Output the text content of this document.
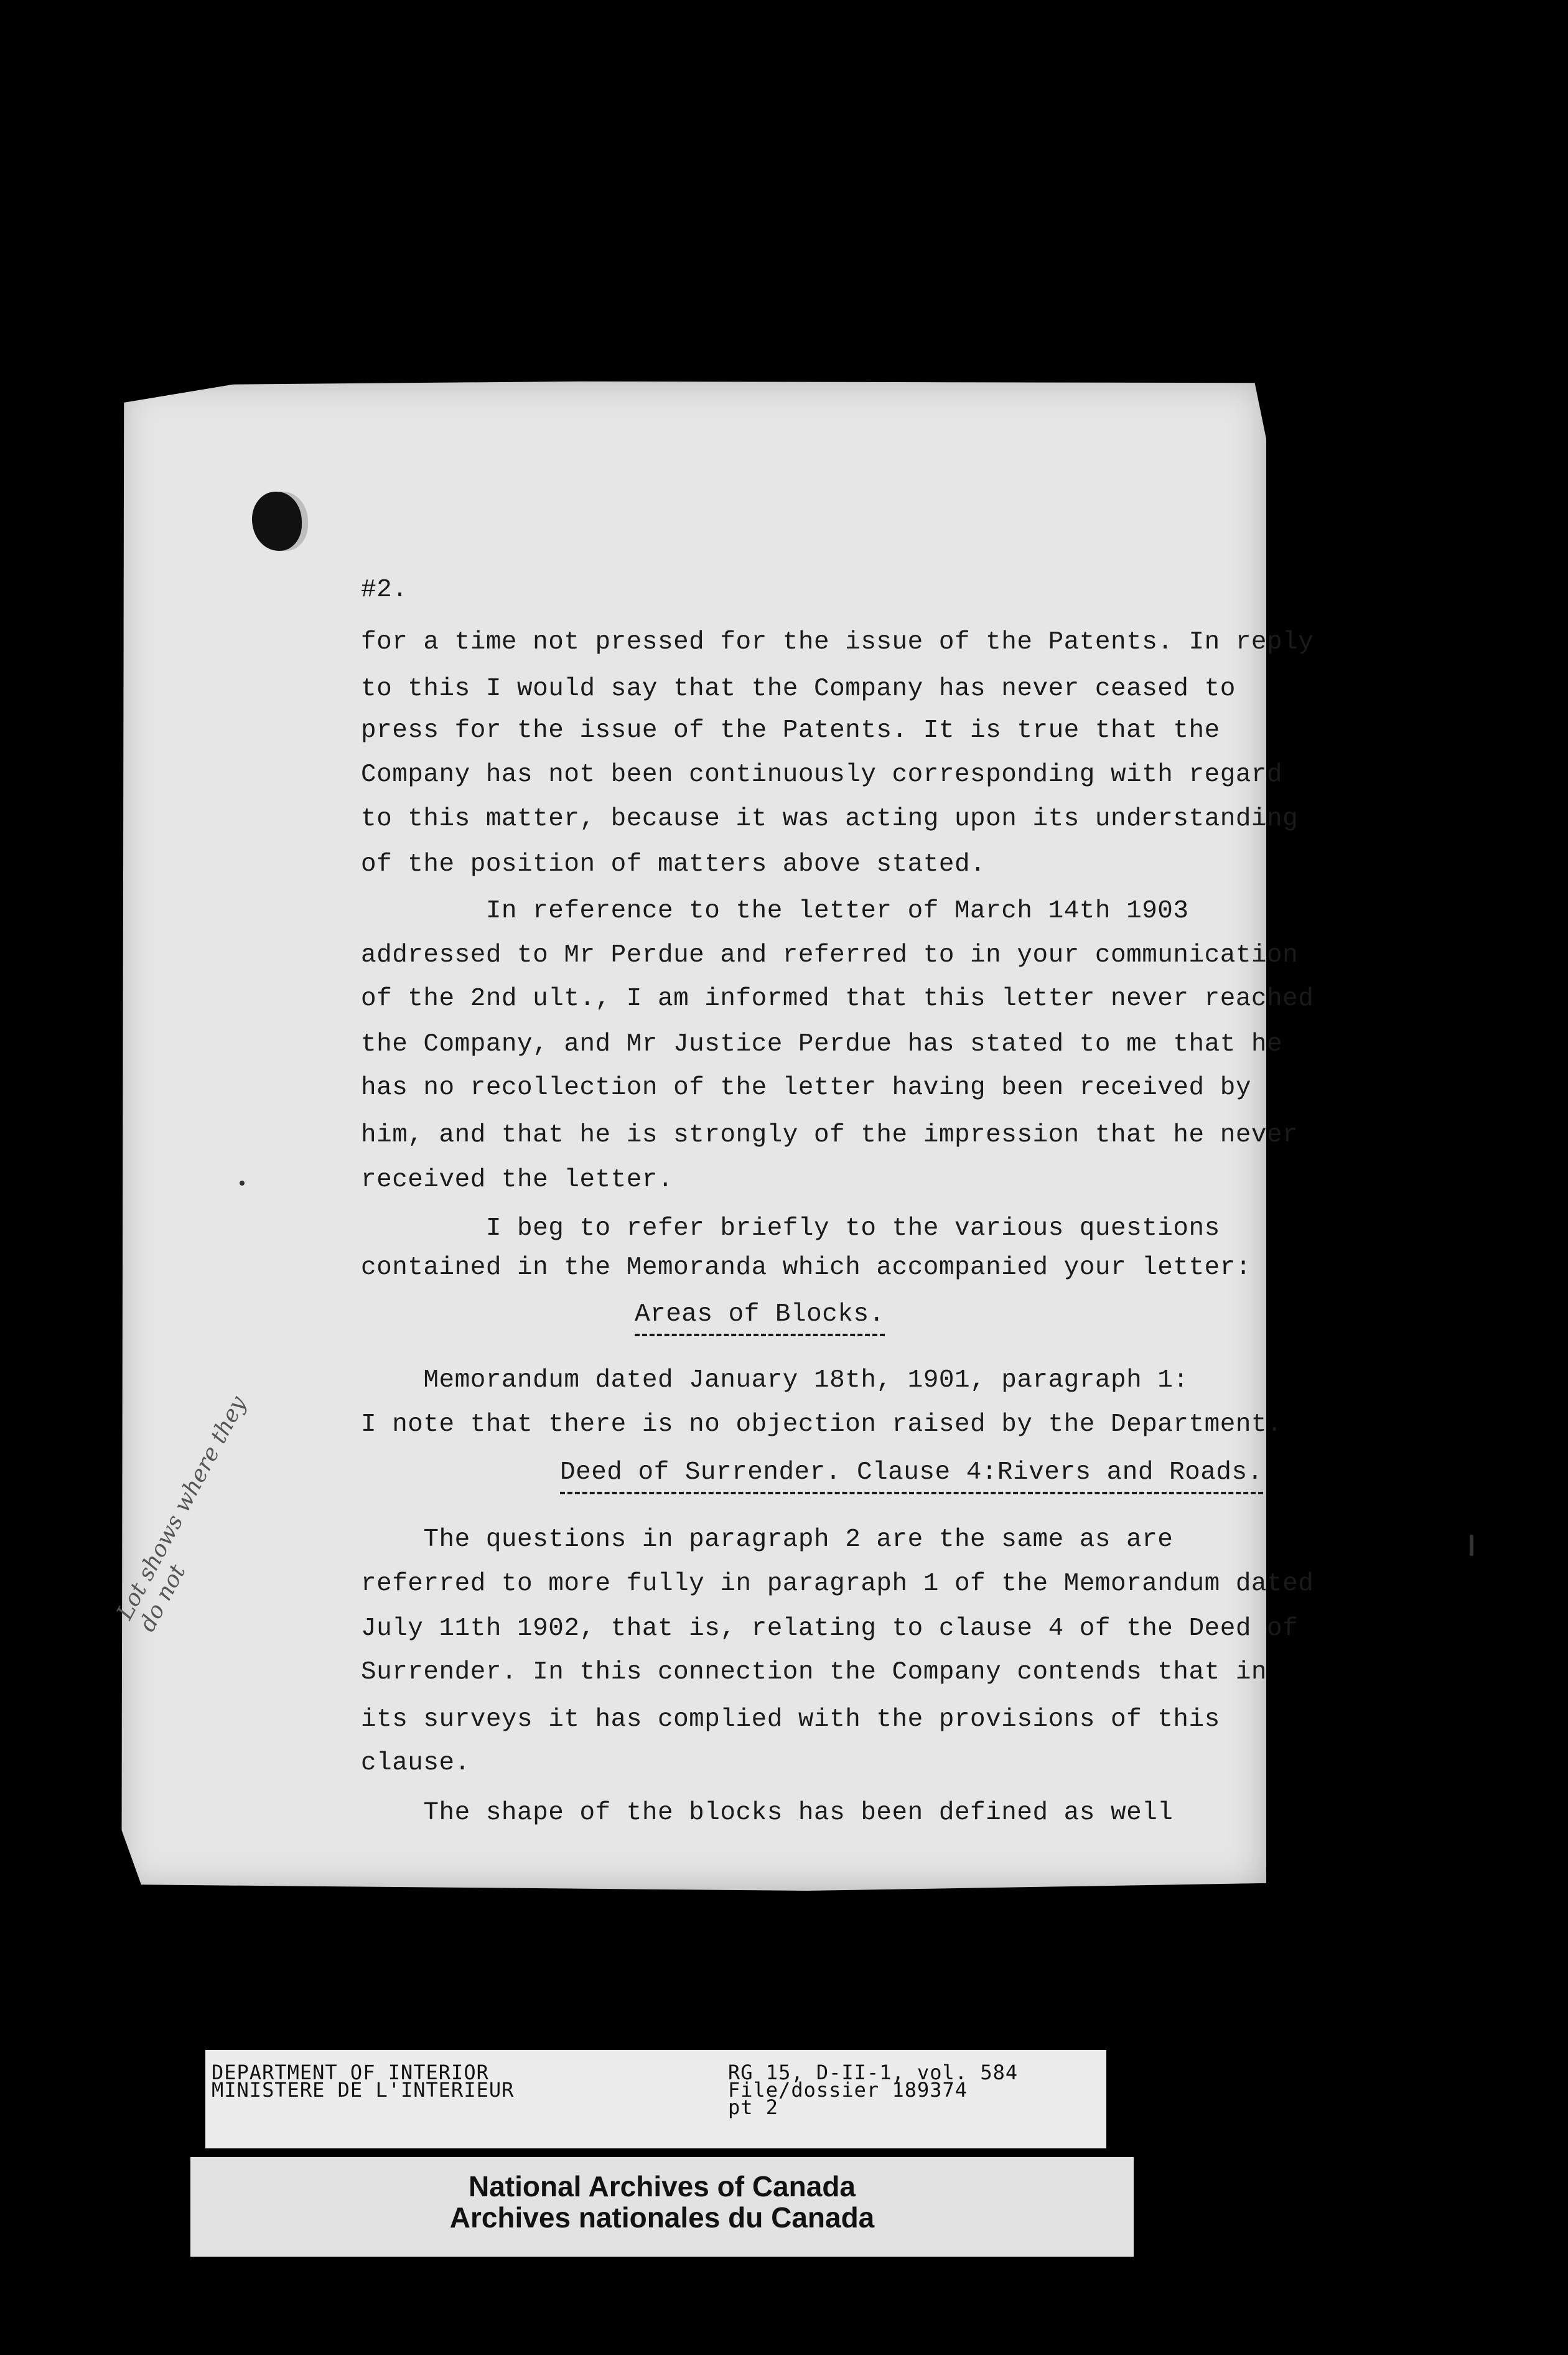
#2.
for a time not pressed for the issue of the Patents. In reply
to this I would say that the Company has never ceased to
press for the issue of the Patents. It is true that the
Company has not been continuously corresponding with regard
to this matter, because it was acting upon its understanding
of the position of matters above stated.
In reference to the letter of March 14th 1903
addressed to Mr Perdue and referred to in your communication
of the 2nd ult., I am informed that this letter never reached
the Company, and Mr Justice Perdue has stated to me that he
has no recollection of the letter having been received by
him, and that he is strongly of the impression that he never
received the letter.
I beg to refer briefly to the various questions
contained in the Memoranda which accompanied your letter:
Areas of Blocks.
Memorandum dated January 18th, 1901, paragraph 1:
I note that there is no objection raised by the Department.
Deed of Surrender. Clause 4:Rivers and Roads.
The questions in paragraph 2 are the same as are
referred to more fully in paragraph 1 of the Memorandum dated
July 11th 1902, that is, relating to clause 4 of the Deed of
Surrender. In this connection the Company contends that in
its surveys it has complied with the provisions of this
clause.
The shape of the blocks has been defined as well
Lot shows where they do not
DEPARTMENT OF INTERIOR
MINISTERE DE L'INTERIEUR
RG 15, D-II-1, vol. 584
File/dossier 189374
pt 2
National Archives of Canada
Archives nationales du Canada
